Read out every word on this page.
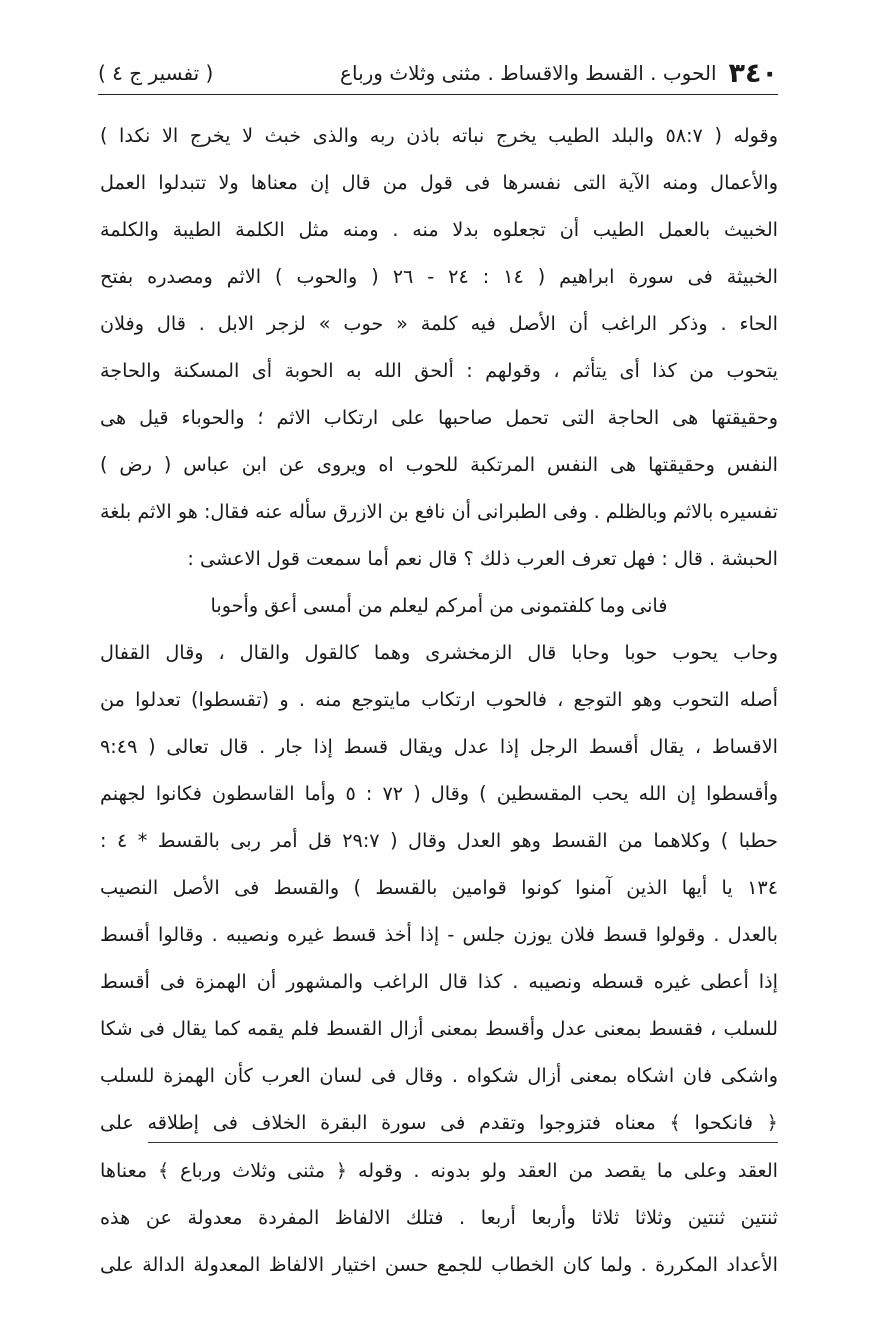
٣٤٠
الحوب . القسط والاقساط . مثنى وثلاث ورباع
( تفسير ج ٤ )
وقوله ( ٥٨:٧ والبلد الطيب يخرج نباته باذن ربه والذى خبث لا يخرج الا نكدا )
والأعمال ومنه الآية التى نفسرها فى قول من قال إن معناها ولا تتبدلوا العمل
الخبيث بالعمل الطيب أن تجعلوه بدلا منه . ومنه مثل الكلمة الطيبة والكلمة
الخبيثة فى سورة ابراهيم ( ١٤ : ٢٤ - ٢٦ ( والحوب ) الاثم ومصدره بفتح
الحاء . وذكر الراغب أن الأصل فيه كلمة « حوب » لزجر الابل . قال وفلان
يتحوب من كذا أى يتأثم ، وقولهم : ألحق الله به الحوبة أى المسكنة والحاجة
وحقيقتها هى الحاجة التى تحمل صاحبها على ارتكاب الاثم ؛ والحوباء قيل هى
النفس وحقيقتها هى النفس المرتكبة للحوب اه ويروى عن ابن عباس ( رض )
تفسيره بالاثم وبالظلم . وفى الطبرانى أن نافع بن الازرق سأله عنه فقال: هو الاثم بلغة
الحبشة . قال : فهل تعرف العرب ذلك ؟ قال نعم أما سمعت قول الاعشى :
فانى وما كلفتمونى من أمركم ليعلم من أمسى أعق وأحوبا
وحاب يحوب حوبا وحابا قال الزمخشرى وهما كالقول والقال ، وقال القفال
أصله التحوب وهو التوجع ، فالحوب ارتكاب مايتوجع منه . و (تقسطوا) تعدلوا من
الاقساط ، يقال أقسط الرجل إذا عدل ويقال قسط إذا جار . قال تعالى ( ٩:٤٩
وأقسطوا إن الله يحب المقسطين ) وقال ( ٧٢ : ٥ وأما القاسطون فكانوا لجهنم
حطبا ) وكلاهما من القسط وهو العدل وقال ( ٢٩:٧ قل أمر ربى بالقسط * ٤ :
١٣٤ يا أيها الذين آمنوا كونوا قوامين بالقسط ) والقسط فى الأصل النصيب
بالعدل . وقولوا قسط فلان يوزن جلس - إذا أخذ قسط غيره ونصيبه . وقالوا أقسط
إذا أعطى غيره قسطه ونصيبه . كذا قال الراغب والمشهور أن الهمزة فى أقسط
للسلب ، فقسط بمعنى عدل وأقسط بمعنى أزال القسط فلم يقمه كما يقال فى شكا
واشكى فان اشكاه بمعنى أزال شكواه . وقال فى لسان العرب كأن الهمزة للسلب
﴿ فانكحوا ﴾ معناه فتزوجوا وتقدم فى سورة البقرة الخلاف فى إطلاقه على
العقد وعلى ما يقصد من العقد ولو بدونه . وقوله ﴿ مثنى وثلاث ورباع ﴾ معناها
ثنتين ثنتين وثلاثا ثلاثا وأربعا أربعا . فتلك الالفاظ المفردة معدولة عن هذه
الأعداد المكررة . ولما كان الخطاب للجمع حسن اختيار الالفاظ المعدولة الدالة على
